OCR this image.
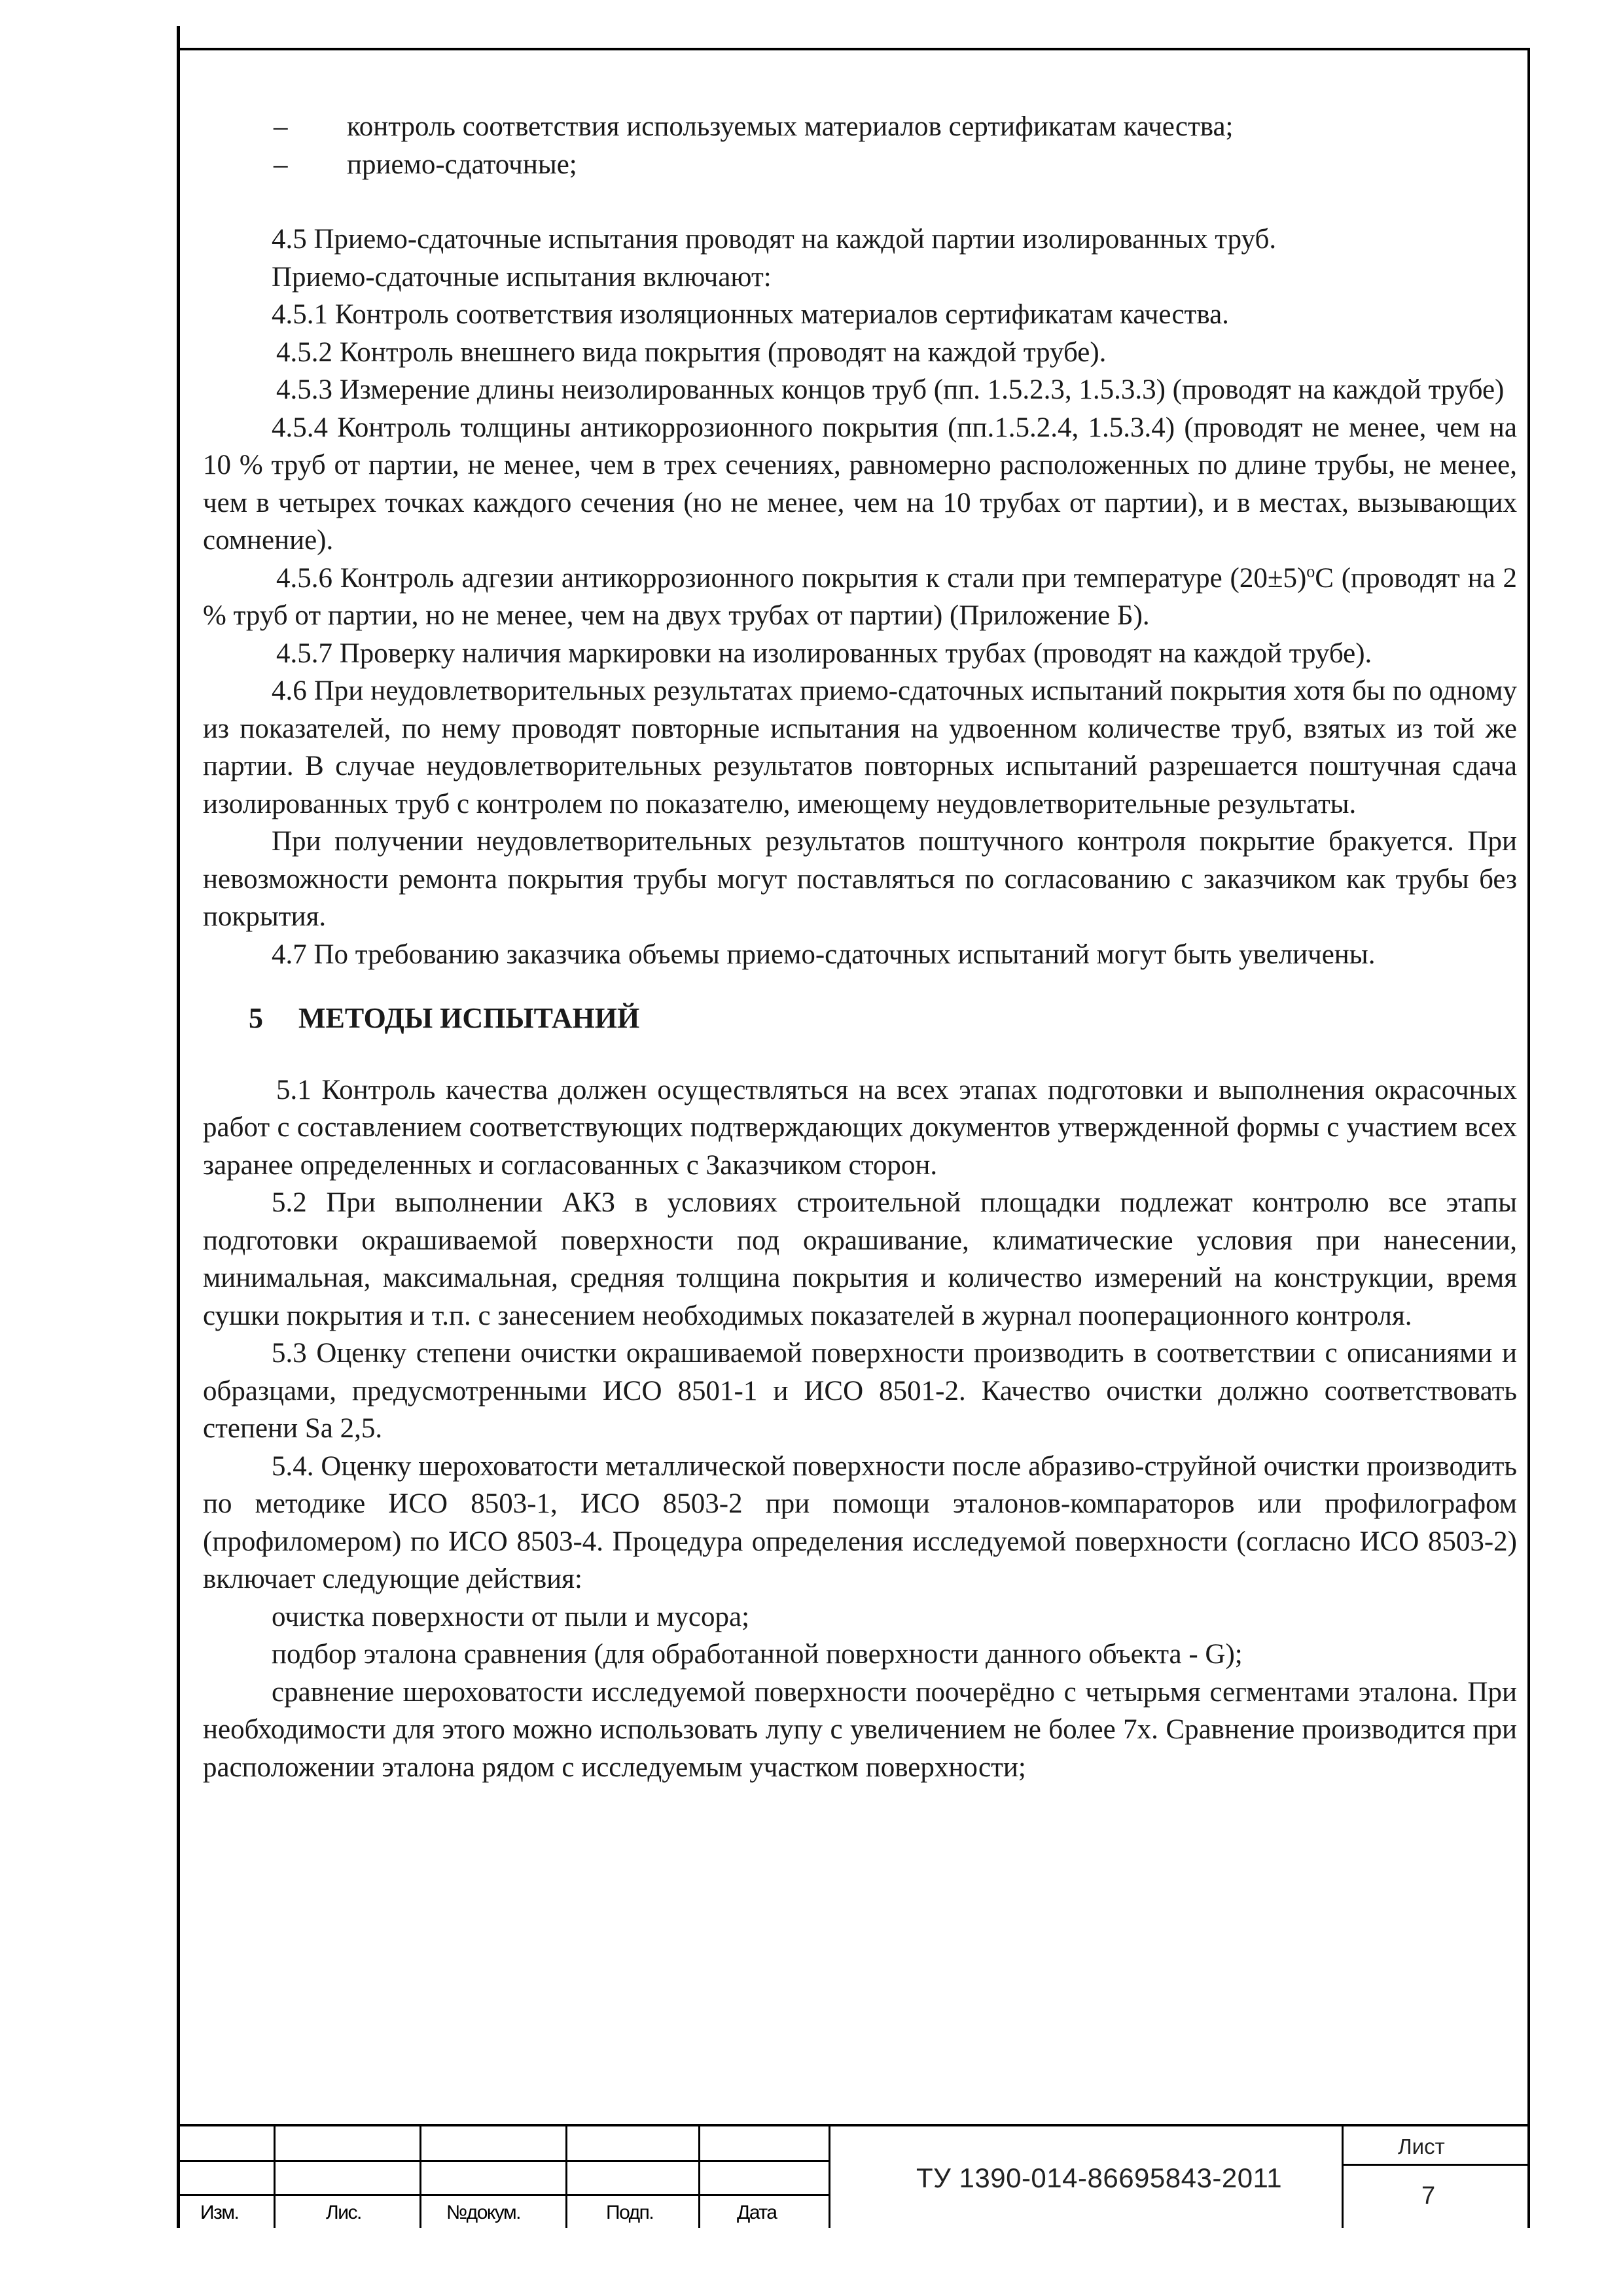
–	контроль соответствия используемых материалов сертификатам качества;
–	приемо-сдаточные;

4.5 Приемо-сдаточные испытания проводят на каждой партии изолированных труб.

Приемо-сдаточные испытания включают:

4.5.1 Контроль соответствия изоляционных материалов сертификатам качества.

4.5.2 Контроль внешнего вида покрытия (проводят на каждой трубе).

4.5.3 Измерение длины неизолированных концов труб (пп. 1.5.2.3, 1.5.3.3) (проводят на каждой трубе)

4.5.4 Контроль толщины антикоррозионного покрытия (пп.1.5.2.4, 1.5.3.4) (проводят не менее, чем на 10 % труб от партии, не менее, чем в трех сечениях, равномерно расположенных по длине трубы, не менее, чем в четырех точках каждого сечения (но не менее, чем на 10 трубах от партии), и в местах, вызывающих сомнение).

4.5.6 Контроль адгезии антикоррозионного покрытия к стали при температуре $(20\pm 5)^оС$ (проводят на 2 % труб от партии, но не менее, чем на двух трубах от партии) (Приложение Б).

4.5.7 Проверку наличия маркировки на изолированных трубах (проводят на каждой трубе).

4.6 При неудовлетворительных результатах приемо-сдаточных испытаний покрытия хотя бы по одному из показателей, по нему проводят повторные испытания на удвоенном количестве труб, взятых из той же партии. В случае неудовлетворительных результатов повторных испытаний разрешается поштучная сдача изолированных труб с контролем по показателю, имеющему неудовлетворительные результаты.

При получении неудовлетворительных результатов поштучного контроля покрытие бракуется. При невозможности ремонта покрытия трубы могут поставляться по согласованию с заказчиком как трубы без покрытия.

4.7 По требованию заказчика объемы приемо-сдаточных испытаний могут быть увеличены.

5 МЕТОДЫ ИСПЫТАНИЙ

5.1 Контроль качества должен осуществляться на всех этапах подготовки и выполнения окрасочных работ с составлением соответствующих подтверждающих документов утвержденной формы с участием всех заранее определенных и согласованных с Заказчиком сторон.

5.2 При выполнении АКЗ в условиях строительной площадки подлежат контролю все этапы подготовки окрашиваемой поверхности под окрашивание, климатические условия при нанесении, минимальная, максимальная, средняя толщина покрытия и количество измерений на конструкции, время сушки покрытия и т.п. с занесением необходимых показателей в журнал пооперационного контроля.

5.3 Оценку степени очистки окрашиваемой поверхности производить в соответствии с описаниями и образцами, предусмотренными ИСО 8501-1 и ИСО 8501-2. Качество очистки должно соответствовать степени Sa 2,5.

5.4. Оценку шероховатости металлической поверхности после абразиво-струйной очистки производить по методике ИСО 8503-1, ИСО 8503-2 при помощи эталонов-компараторов или профилографом (профиломером) по ИСО 8503-4. Процедура определения исследуемой поверхности (согласно ИСО 8503-2) включает следующие действия:

очистка поверхности от пыли и мусора;

подбор эталона сравнения (для обработанной поверхности данного объекта - G);

сравнение шероховатости исследуемой поверхности поочерёдно с четырьмя сегментами эталона. При необходимости для этого можно использовать лупу с увеличением не более 7х. Сравнение производится при расположении эталона рядом с исследуемым участком поверхности;

Изм.	Лис.	№докум.	Подп.	Дата
ТУ 1390-014-86695843-2011
Лист
7
